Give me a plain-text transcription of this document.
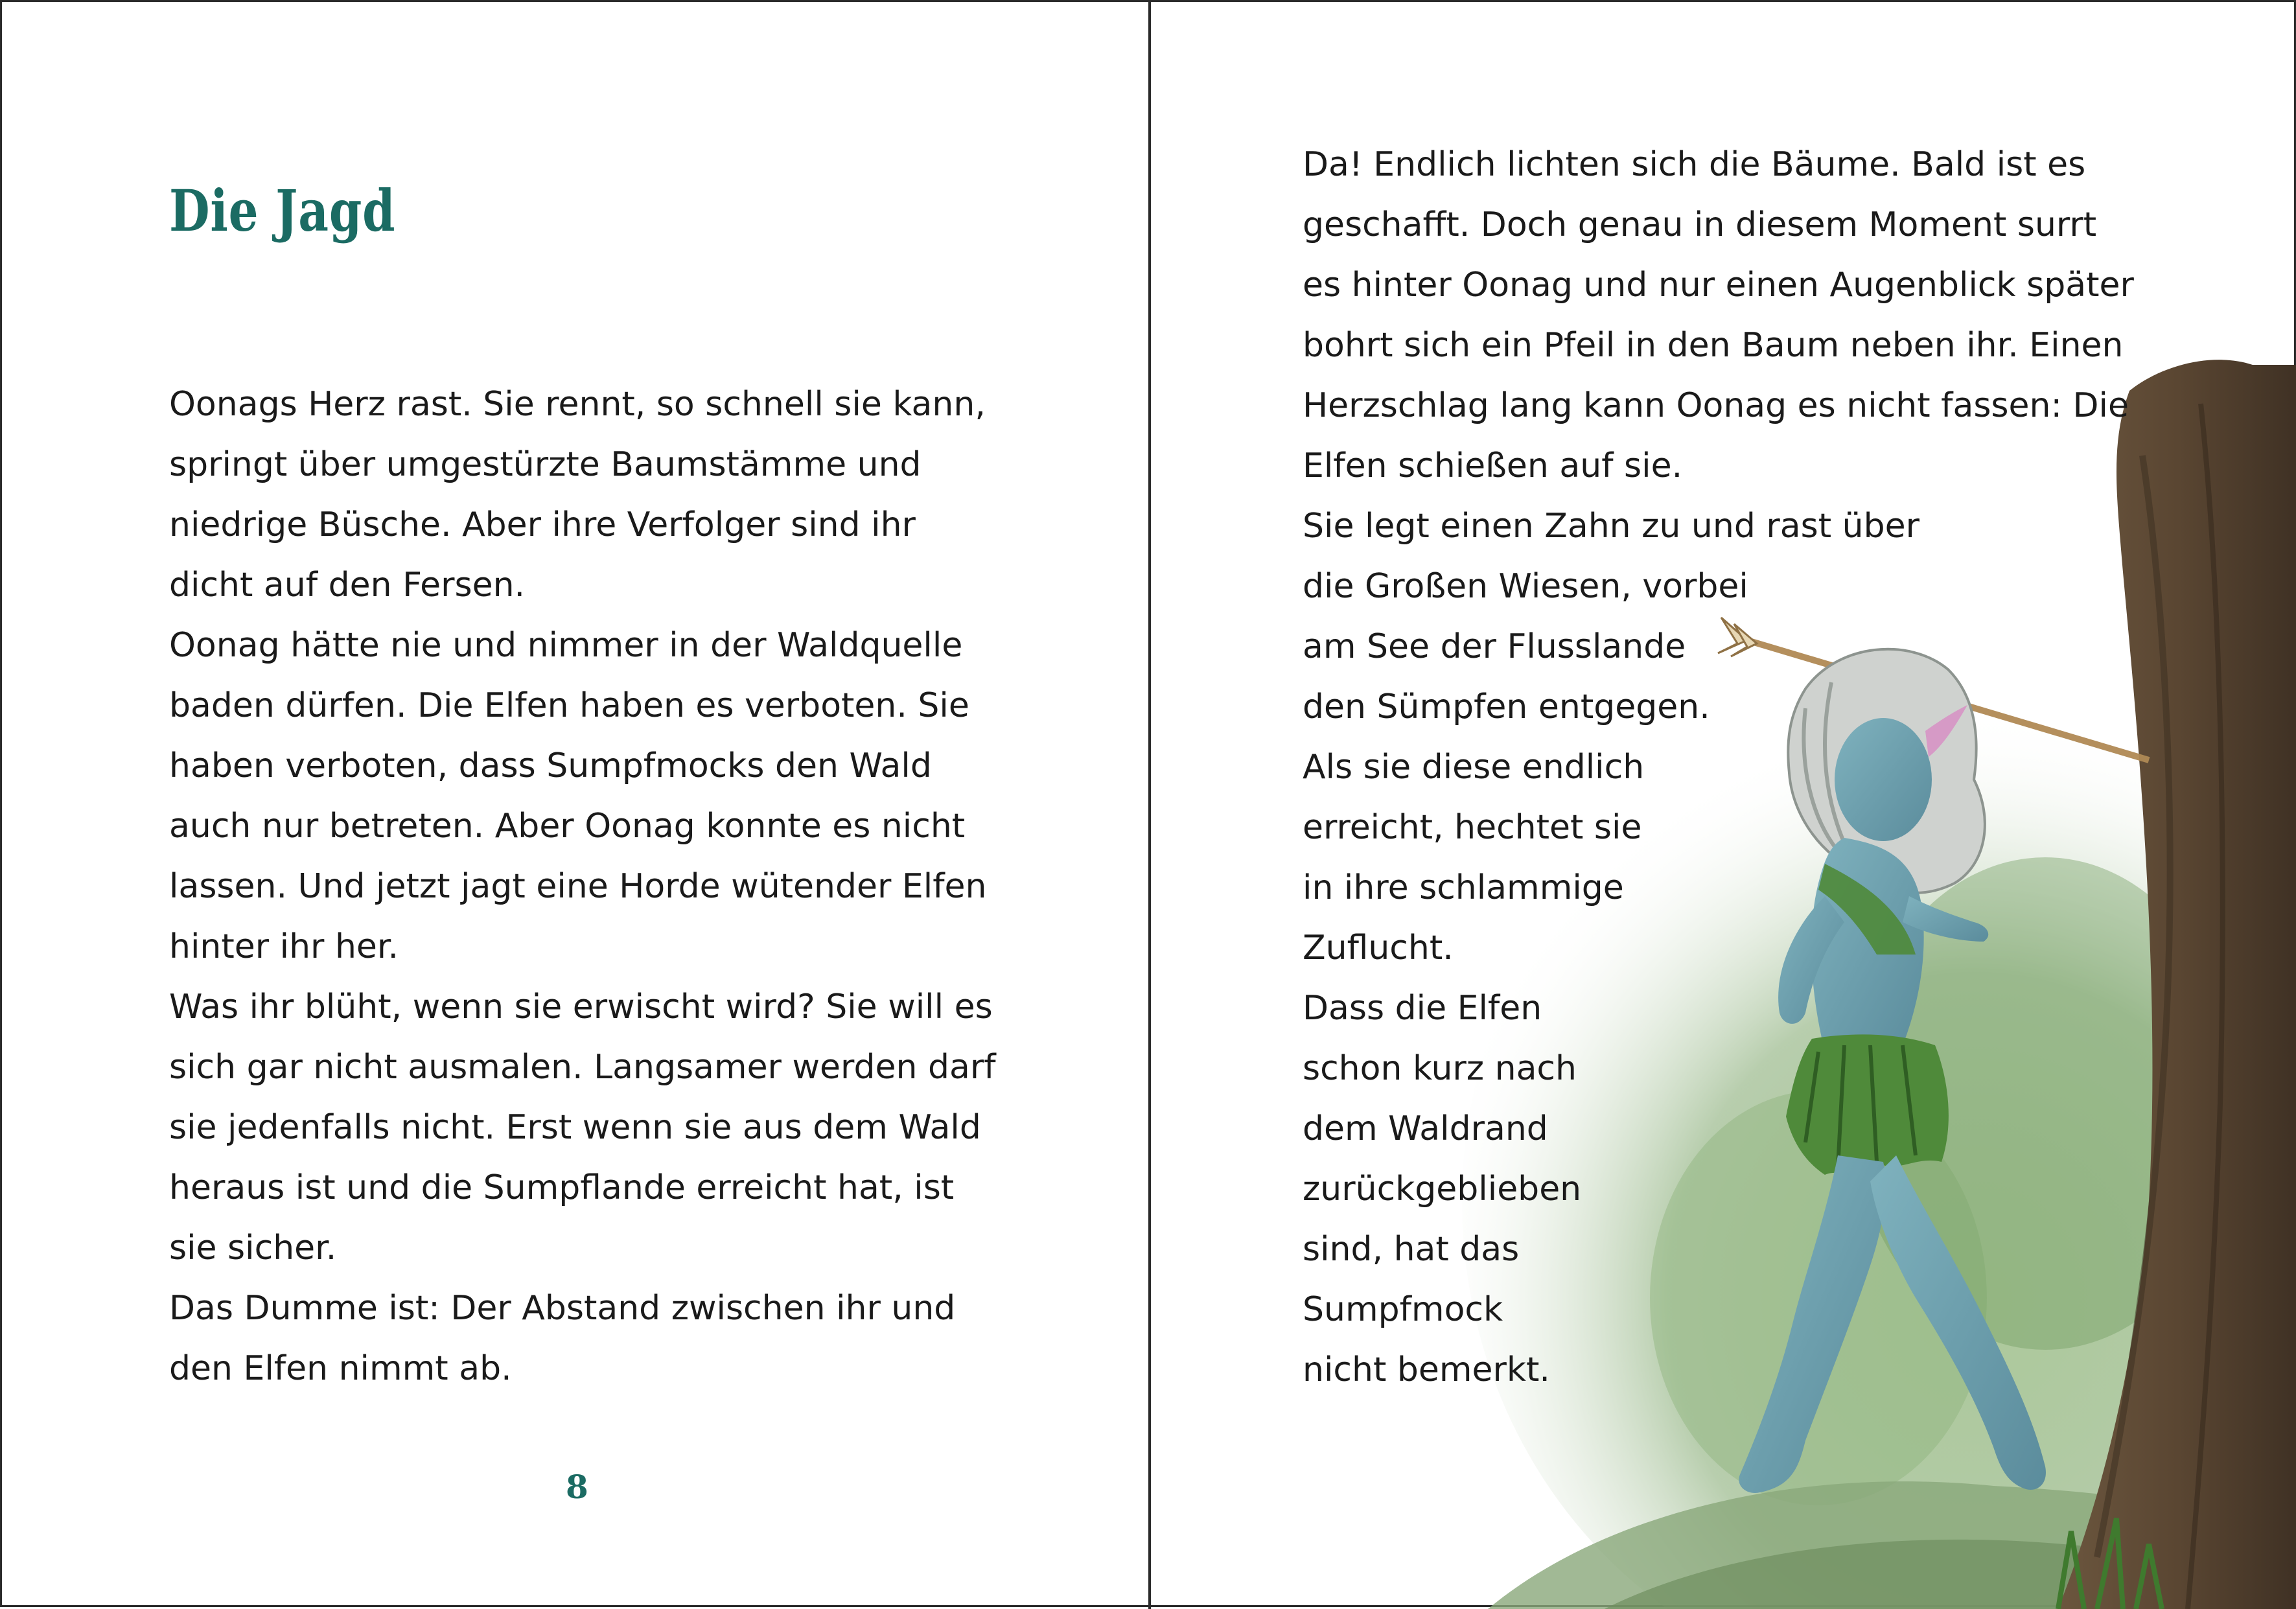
Die Jagd
Oonags Herz rast. Sie rennt, so schnell sie kann,
springt über umgestürzte Baumstämme und
niedrige Büsche. Aber ihre Verfolger sind ihr
dicht auf den Fersen.
Oonag hätte nie und nimmer in der Waldquelle
baden dürfen. Die Elfen haben es verboten. Sie
haben verboten, dass Sumpfmocks den Wald
auch nur betreten. Aber Oonag konnte es nicht
lassen. Und jetzt jagt eine Horde wütender Elfen
hinter ihr her.
Was ihr blüht, wenn sie erwischt wird? Sie will es
sich gar nicht ausmalen. Langsamer werden darf
sie jedenfalls nicht. Erst wenn sie aus dem Wald
heraus ist und die Sumpflande erreicht hat, ist
sie sicher.
Das Dumme ist: Der Abstand zwischen ihr und
den Elfen nimmt ab.
8
Da! Endlich lichten sich die Bäume. Bald ist es
geschafft. Doch genau in diesem Moment surrt
es hinter Oonag und nur einen Augenblick später
bohrt sich ein Pfeil in den Baum neben ihr. Einen
Herzschlag lang kann Oonag es nicht fassen: Die
Elfen schießen auf sie.
Sie legt einen Zahn zu und rast über
die Großen Wiesen, vorbei
am See der Flusslande
den Sümpfen entgegen.
Als sie diese endlich
erreicht, hechtet sie
in ihre schlammige
Zuflucht.
Dass die Elfen
schon kurz nach
dem Waldrand
zurückgeblieben
sind, hat das
Sumpfmock
nicht bemerkt.
